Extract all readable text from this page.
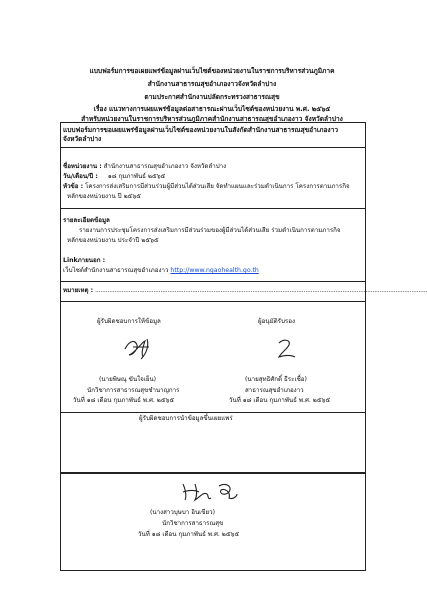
แบบฟอร์มการขอเผยแพร่ข้อมูลผ่านเว็บไซต์ของหน่วยงานในราชการบริหารส่วนภูมิภาค
สำนักงานสาธารณสุขอำเภองาวจังหวัดลำปาง
ตามประกาศสำนักงานปลัดกระทรวงสาธารณสุข
เรื่อง แนวทางการเผยแพร่ข้อมูลต่อสาธารณะผ่านเว็บไซต์ของหน่วยงาน พ.ศ. ๒๕๖๕
สำหรับหน่วยงานในราชการบริหารส่วนภูมิภาคสำนักงานสาธารณสุขอำเภองาว จังหวัดลำปาง
แบบฟอร์มการขอเผยแพร่ข้อมูลผ่านเว็บไซต์ของหน่วยงานในสังกัดสำนักงานสาธารณสุขอำเภองาว
จังหวัดลำปาง
ชื่อหน่วยงาน : สำนักงานสาธารณสุขอำเภองาว จังหวัดลำปาง
วัน/เดือน/ปี : ๑๘ กุมภาพันธ์ ๒๕๖๕
หัวข้อ : โครงการส่งเสริมการมีส่วนร่วมผู้มีส่วนได้ส่วนเสีย จัดทำแผนและร่วมดำเนินการ โครงการตามภารกิจ
หลักของหน่วยงาน ปี ๒๕๖๕
รายละเอียดข้อมูล
รายงานการประชุมโครงการส่งเสริมการมีส่วนร่วมของผู้มีส่วนได้ส่วนเสีย ร่วมดำเนินการตามภารกิจ
หลักของหน่วยงาน ประจำปี ๒๕๖๕
Linkภายนอก :
เว็บไซต์สำนักงานสาธารณสุขอำเภองาว http://www.ngaohealth.go.th
หมายเหตุ : ............................................................................................................................................................................................
ผู้รับผิดชอบการให้ข้อมูล
(นายพิษณุ ขันใจเย็น)
นักวิชาการสาธารณสุขชำนาญการ
วันที่ ๑๘ เดือน กุมภาพันธ์ พ.ศ. ๒๕๖๕
ผู้อนุมัติรับรอง
(นายสุทธิศักดิ์ ธีระเชื้อ)
สาธารณสุขอำเภองาว
วันที่ ๑๘ เดือน กุมภาพันธ์ พ.ศ. ๒๕๖๕
ผู้รับผิดชอบการนำข้อมูลขึ้นเผยแพร่
(นางสาวบุษบา อินเขียว)
นักวิชาการสาธารณสุข
วันที่ ๑๘ เดือน กุมภาพันธ์ พ.ศ. ๒๕๖๕
